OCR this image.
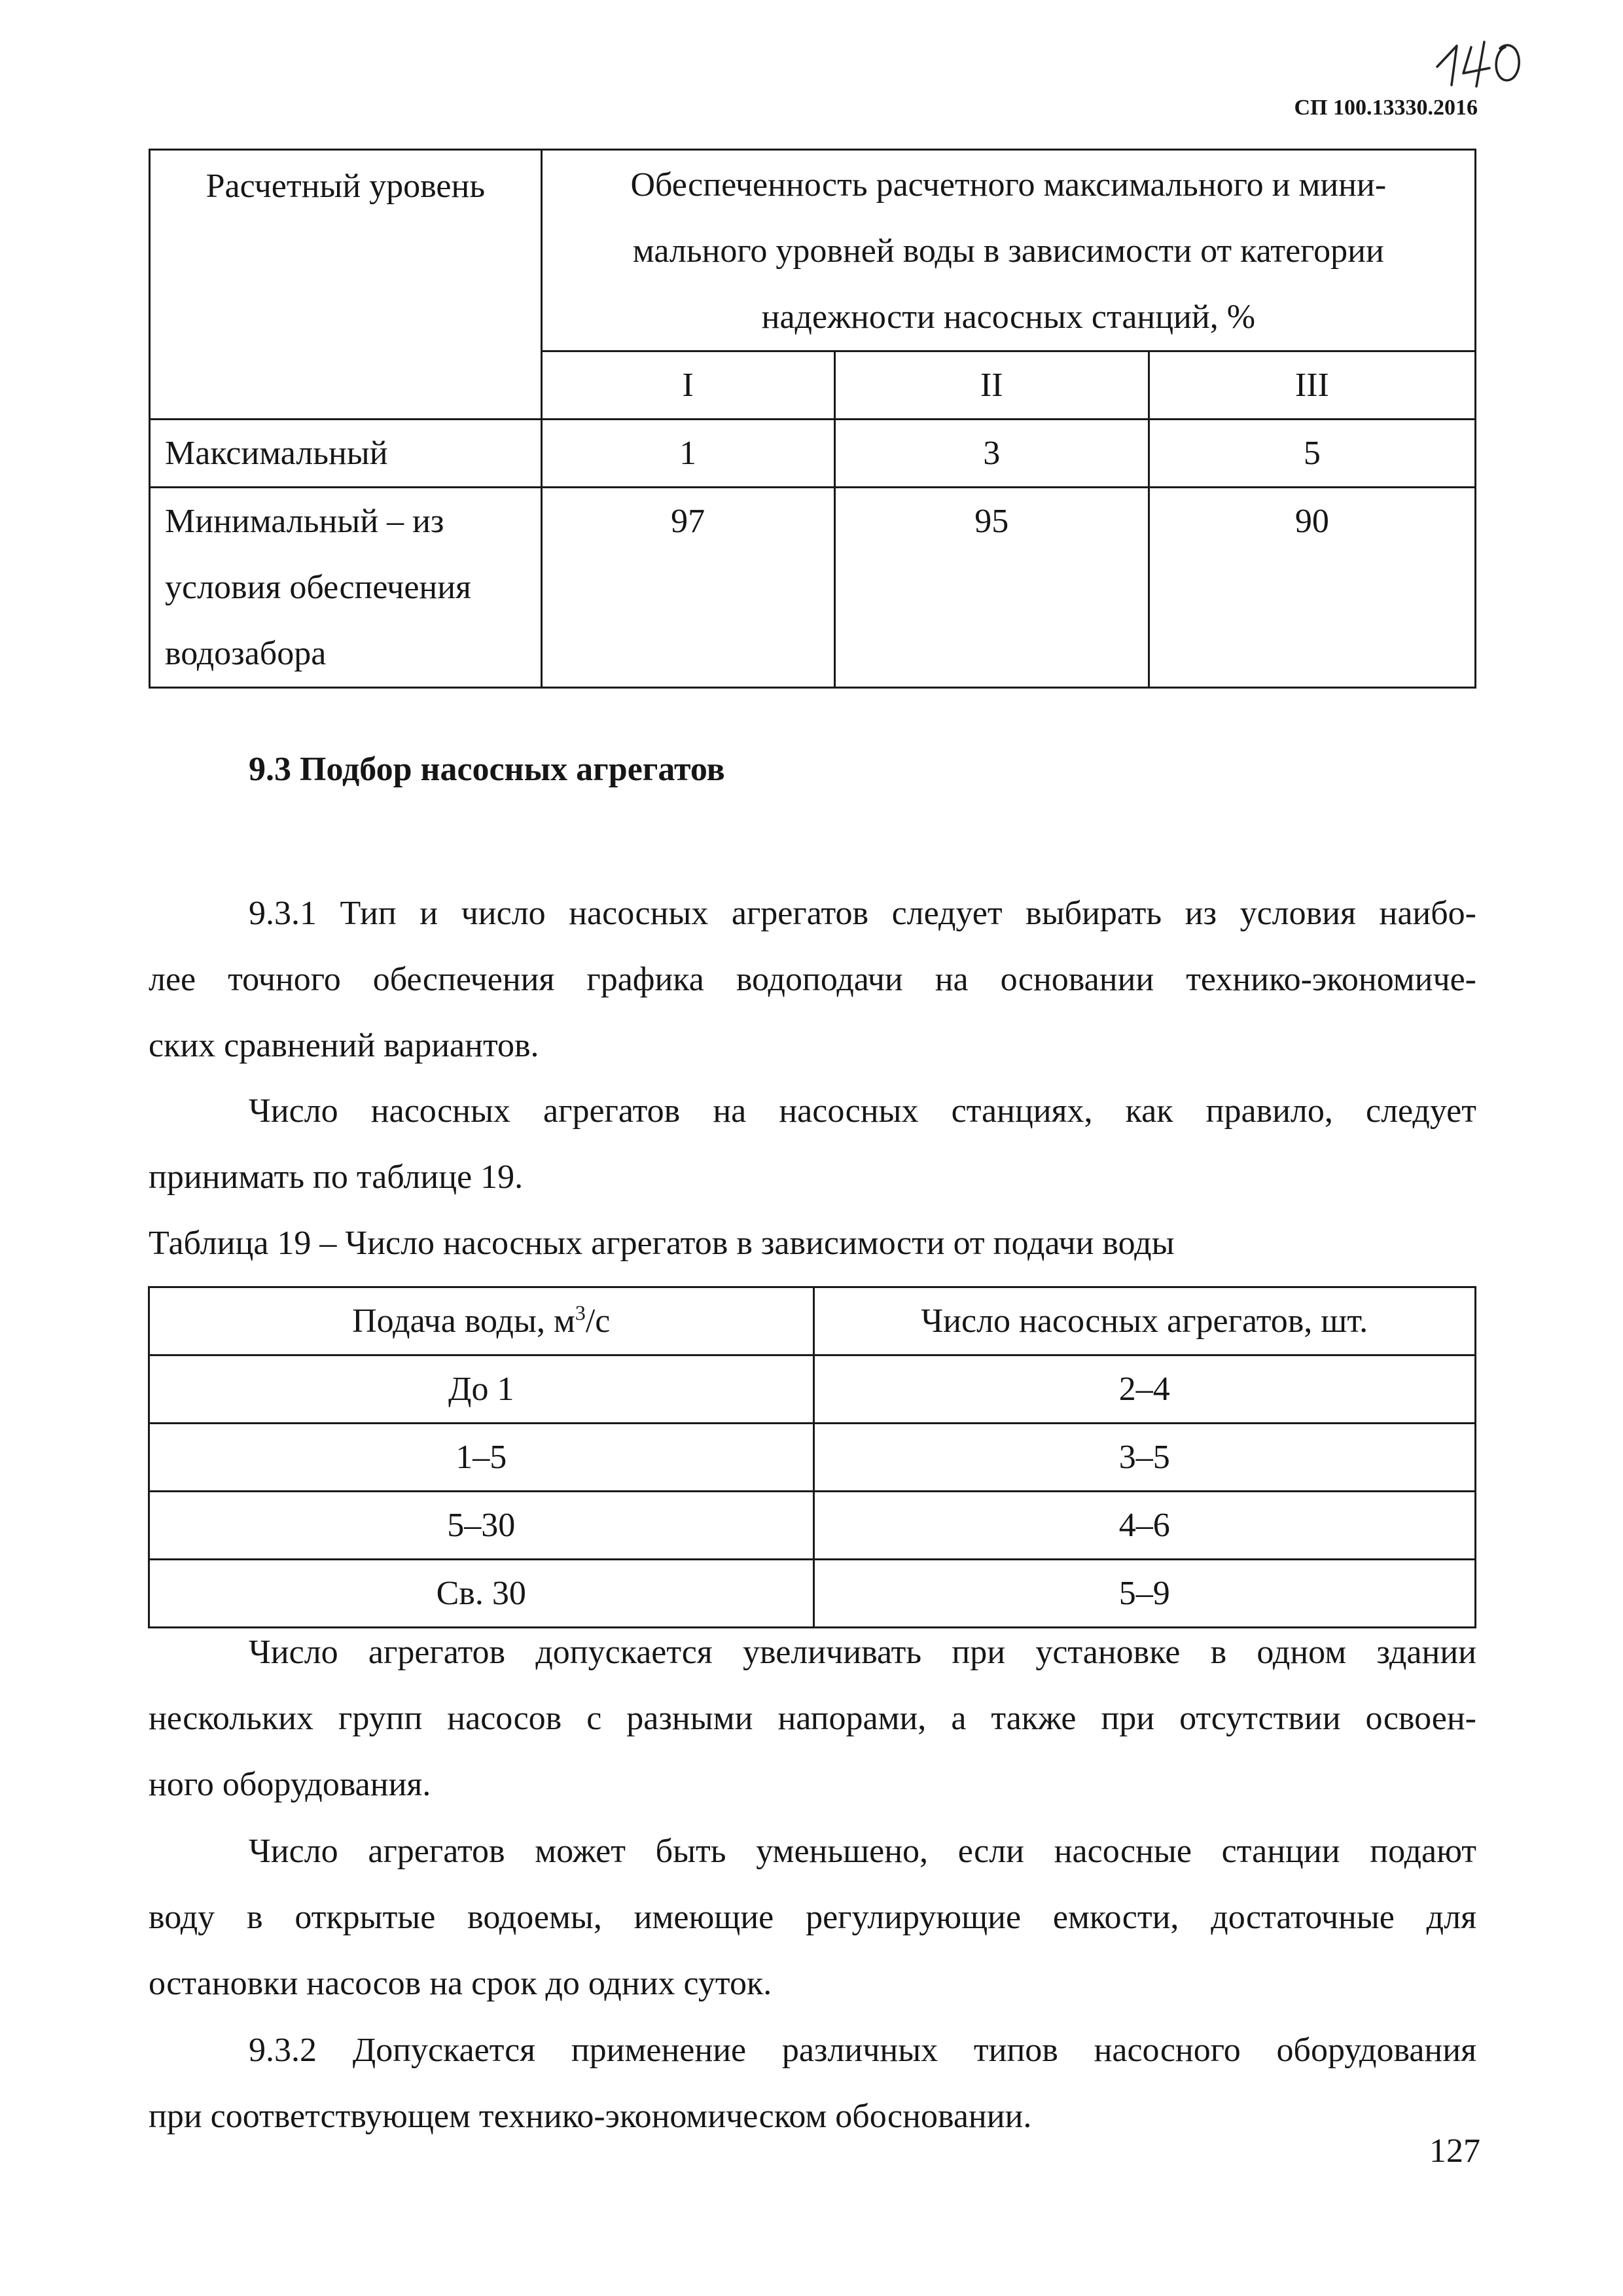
СП 100.13330.2016
Расчетный уровень	Обеспеченность расчетного максимального и мини-
мального уровней воды в зависимости от категории
надежности насосных станций, %		

	I	II	III
Максимальный	1	3	5

Минимальный – из
условия обеспечения
водозабора	97	95	90
9.3 Подбор насосных агрегатов
9.3.1 Тип и число насосных агрегатов следует выбирать из условия наибо-
лее точного обеспечения графика водоподачи на основании технико-экономиче-
ских сравнений вариантов.
Число насосных агрегатов на насосных станциях, как правило, следует
принимать по таблице 19.
Таблица 19 – Число насосных агрегатов в зависимости от подачи воды
Подача воды, $м^3/с$	Число насосных агрегатов, шт.
До 1	2–4
1–5	3–5
5–30	4–6
Св. 30	5–9
Число агрегатов допускается увеличивать при установке в одном здании
нескольких групп насосов с разными напорами, а также при отсутствии освоен-
ного оборудования.
Число агрегатов может быть уменьшено, если насосные станции подают
воду в открытые водоемы, имеющие регулирующие емкости, достаточные для
остановки насосов на срок до одних суток.
9.3.2 Допускается применение различных типов насосного оборудования
при соответствующем технико-экономическом обосновании.
127
